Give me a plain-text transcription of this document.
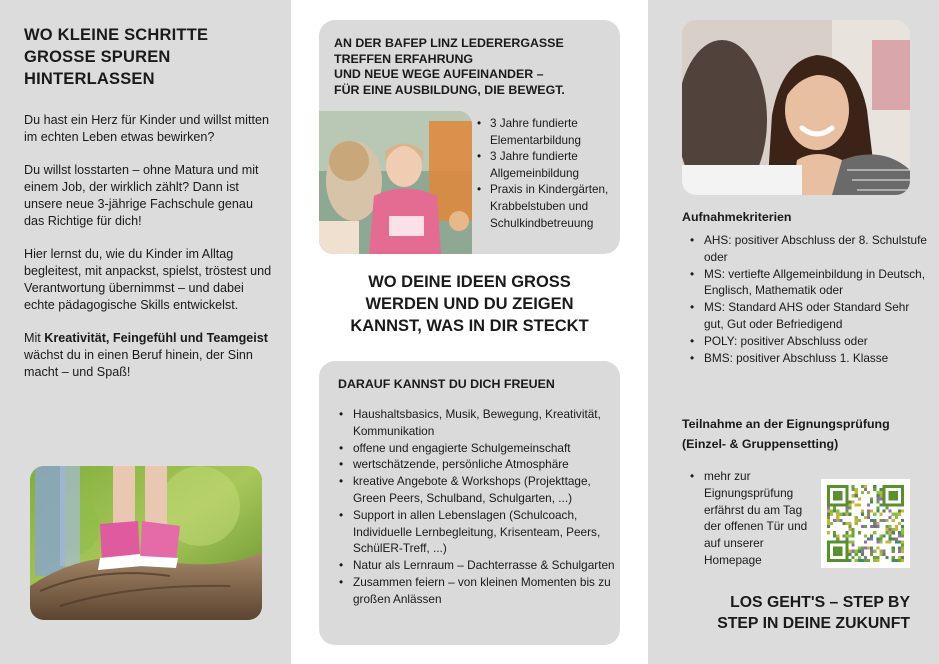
WO KLEINE SCHRITTE
GROSSE SPUREN
HINTERLASSEN

Du hast ein Herz für Kinder und willst mitten im echten Leben etwas bewirken?

Du willst losstarten – ohne Matura und mit einem Job, der wirklich zählt? Dann ist unsere neue 3-jährige Fachschule genau das Richtige für dich!

Hier lernst du, wie du Kinder im Alltag begleitest, mit anpackst, spielst, tröstest und Verantwortung übernimmst – und dabei echte pädagogische Skills entwickelst.

Mit Kreativität, Feingefühl und Teamgeist wächst du in einen Beruf hinein, der Sinn macht – und Spaß!

AN DER BAFEP LINZ LEDERERGASSE
TREFFEN ERFAHRUNG
UND NEUE WEGE AUFEINANDER –
FÜR EINE AUSBILDUNG, DIE BEWEGT.
• 3 Jahre fundierte Elementarbildung
• 3 Jahre fundierte Allgemeinbildung
• Praxis in Kindergärten, Krabbelstuben und Schulkindbetreuung
WO DEINE IDEEN GROSS
WERDEN UND DU ZEIGEN
KANNST, WAS IN DIR STECKT
DARAUF KANNST DU DICH FREUEN
• Haushaltsbasics, Musik, Bewegung, Kreativität, Kommunikation
• offene und engagierte Schulgemeinschaft
• wertschätzende, persönliche Atmosphäre
• kreative Angebote & Workshops (Projekttage, Green Peers, Schulband, Schulgarten, ...)
• Support in allen Lebenslagen (Schulcoach, Individuelle Lernbegleitung, Krisenteam, Peers, SchülER-Treff, ...)
• Natur als Lernraum – Dachterrasse & Schulgarten
• Zusammen feiern – von kleinen Momenten bis zu großen Anlässen
Aufnahmekriterien
• AHS: positiver Abschluss der 8. Schulstufe oder
• MS: vertiefte Allgemeinbildung in Deutsch, Englisch, Mathematik oder
• MS: Standard AHS oder Standard Sehr gut, Gut oder Befriedigend
• POLY: positiver Abschluss oder
• BMS: positiver Abschluss 1. Klasse
Teilnahme an der Eignungsprüfung
(Einzel- & Gruppensetting)
• mehr zur Eignungsprüfung erfährst du am Tag der offenen Tür und auf unserer Homepage
LOS GEHT'S – STEP BY
STEP IN DEINE ZUKUNFT
